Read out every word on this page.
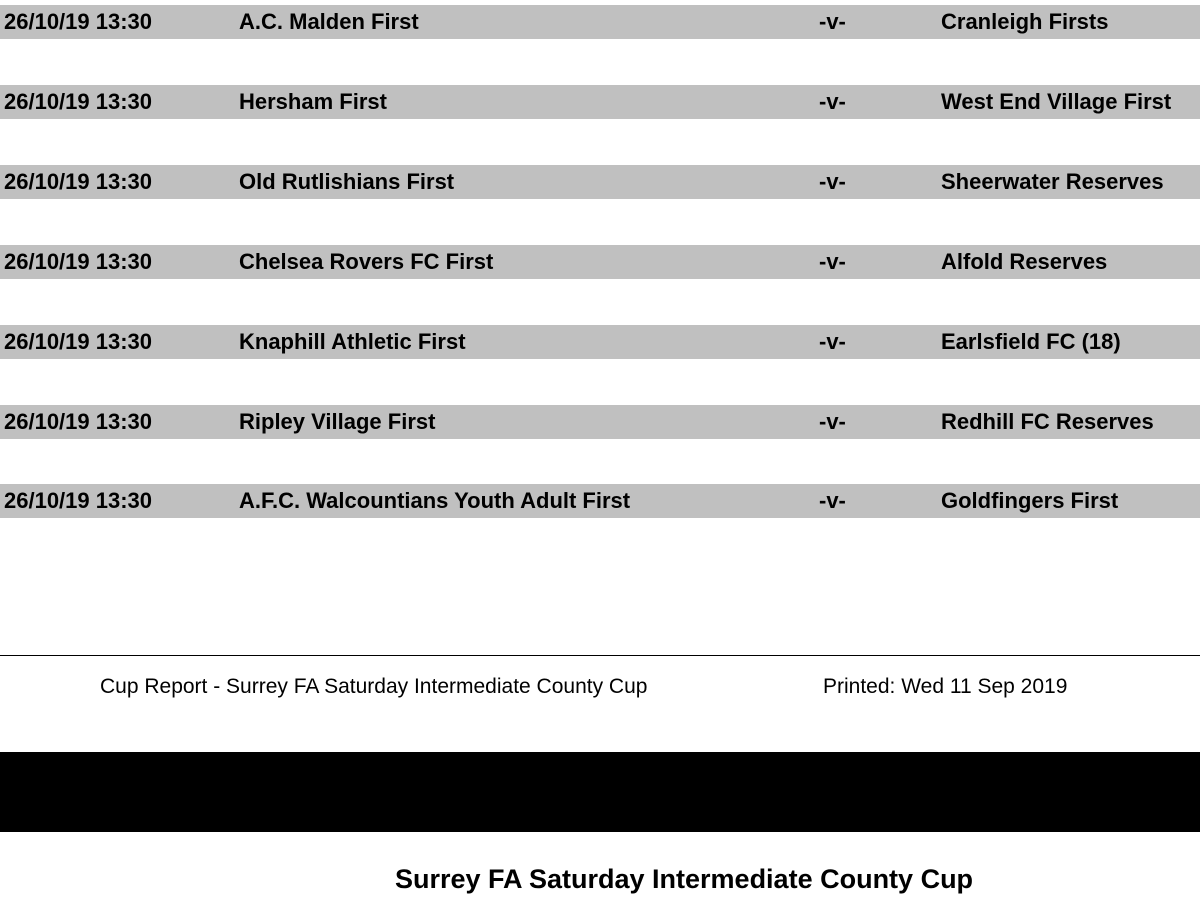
26/10/19 13:30	A.C. Malden First	-v-	Cranleigh Firsts
26/10/19 13:30	Hersham First	-v-	West End Village First
26/10/19 13:30	Old Rutlishians First	-v-	Sheerwater Reserves
26/10/19 13:30	Chelsea Rovers FC First	-v-	Alfold Reserves
26/10/19 13:30	Knaphill Athletic First	-v-	Earlsfield FC (18)
26/10/19 13:30	Ripley Village First	-v-	Redhill FC Reserves
26/10/19 13:30	A.F.C. Walcountians Youth Adult First	-v-	Goldfingers First
Cup Report - Surrey FA Saturday Intermediate County Cup	Printed: Wed 11 Sep 2019
Surrey FA Saturday Intermediate County Cup
